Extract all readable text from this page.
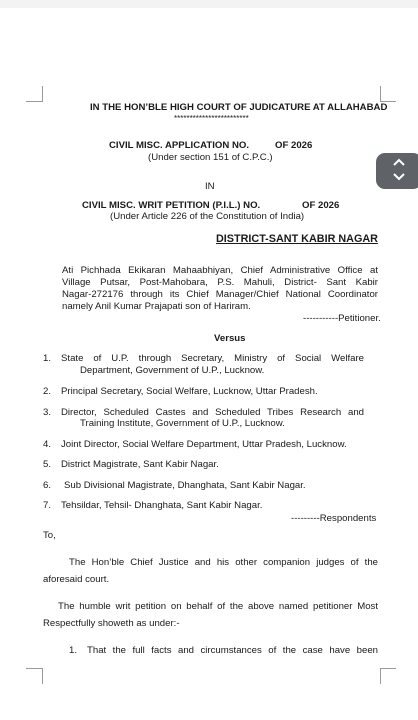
IN THE HON’BLE HIGH COURT OF JUDICATURE AT ALLAHABAD
************************
CIVIL MISC. APPLICATION NO.	OF 2026
(Under section 151 of C.P.C.)
IN
CIVIL MISC. WRIT PETITION (P.I.L.) NO.	OF 2026
(Under Article 226 of the Constitution of India)
DISTRICT-SANT KABIR NAGAR
Ati Pichhada Ekikaran Mahaabhiyan, Chief Administrative Office at
Village Putsar, Post-Mahobara, P.S. Mahuli, District- Sant Kabir
Nagar-272176 through its Chief Manager/Chief National Coordinator
namely Anil Kumar Prajapati son of Hariram.
-----------Petitioner.
Versus
1. State of U.P. through Secretary, Ministry of Social Welfare
Department, Government of U.P., Lucknow.
2. Principal Secretary, Social Welfare, Lucknow, Uttar Pradesh.
3. Director, Scheduled Castes and Scheduled Tribes Research and
Training Institute, Government of U.P., Lucknow.
4. Joint Director, Social Welfare Department, Uttar Pradesh, Lucknow.
5. District Magistrate, Sant Kabir Nagar.
6. Sub Divisional Magistrate, Dhanghata, Sant Kabir Nagar.
7. Tehsildar, Tehsil- Dhanghata, Sant Kabir Nagar.
---------Respondents
To,
The Hon’ble Chief Justice and his other companion judges of the
aforesaid court.
The humble writ petition on behalf of the above named petitioner Most
Respectfully showeth as under:-
1. That the full facts and circumstances of the case have been
